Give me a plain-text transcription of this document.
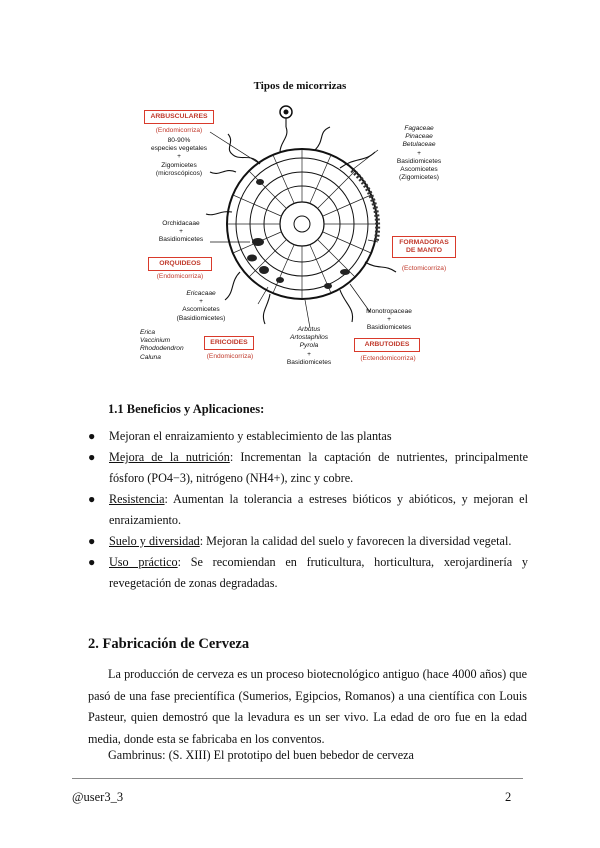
Tipos de micorrizas
ARBUSCULARES
(Endomicorriza)
80-90%
especies vegetales
+
Zigomicetes
(microscópicos)
Fagaceae
Pinaceae
Betulaceae
+
Basidiomicetes
Ascomicetes
(Zigomicetes)
Orchidacaae
+
Basidiomicetes
ORQUIDEOS
(Endomicorriza)
FORMADORAS
DE MANTO
(Ectomicorriza)
Ericacaae
+
Ascomicetes
(Basidiomicetes)
Erica
Vaccinium
Rhododendron
Caluna
ERICOIDES
(Endomicorriza)
Arbutus
Artostaphilos
Pyrola
+
Basidiomicetes
Monotropaceae
+
Basidiomicetes
ARBUTOIDES
(Ectendomicorriza)
1.1 Beneficios y Aplicaciones:
● Mejoran el enraizamiento y establecimiento de las plantas
● Mejora de la nutrición: Incrementan la captación de nutrientes, principalmente fósforo (PO4−3), nitrógeno (NH4+), zinc y cobre.
● Resistencia: Aumentan la tolerancia a estreses bióticos y abióticos, y mejoran el enraizamiento.
● Suelo y diversidad: Mejoran la calidad del suelo y favorecen la diversidad vegetal.
● Uso práctico: Se recomiendan en fruticultura, horticultura, xerojardinería y revegetación de zonas degradadas.
2. Fabricación de Cerveza
La producción de cerveza es un proceso biotecnológico antiguo (hace 4000 años) que pasó de una fase precientífica (Sumerios, Egipcios, Romanos) a una científica con Louis Pasteur, quien demostró que la levadura es un ser vivo. La edad de oro fue en la edad media, donde esta se fabricaba en los conventos.
Gambrinus: (S. XIII) El prototipo del buen bebedor de cerveza
@user3_3	2
